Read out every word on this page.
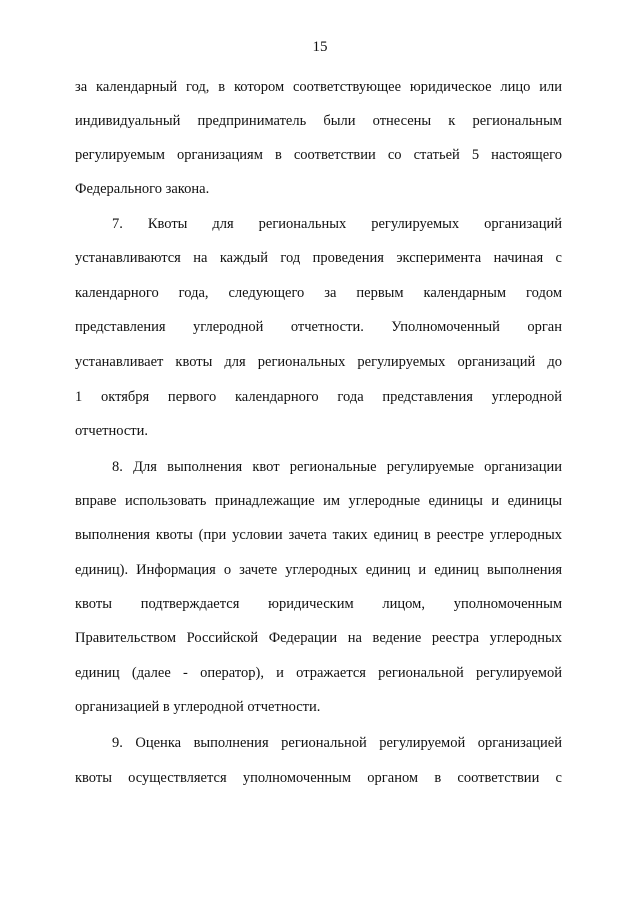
15
за календарный год, в котором соответствующее юридическое лицо или
индивидуальный предприниматель были отнесены к региональным
регулируемым организациям в соответствии со статьей 5 настоящего
Федерального закона.
7. Квоты для региональных регулируемых организаций
устанавливаются на каждый год проведения эксперимента начиная с
календарного года, следующего за первым календарным годом
представления углеродной отчетности. Уполномоченный орган
устанавливает квоты для региональных регулируемых организаций до
1 октября первого календарного года представления углеродной
отчетности.
8. Для выполнения квот региональные регулируемые организации
вправе использовать принадлежащие им углеродные единицы и единицы
выполнения квоты (при условии зачета таких единиц в реестре углеродных
единиц). Информация о зачете углеродных единиц и единиц выполнения
квоты подтверждается юридическим лицом, уполномоченным
Правительством Российской Федерации на ведение реестра углеродных
единиц (далее - оператор), и отражается региональной регулируемой
организацией в углеродной отчетности.
9. Оценка выполнения региональной регулируемой организацией
квоты осуществляется уполномоченным органом в соответствии с
